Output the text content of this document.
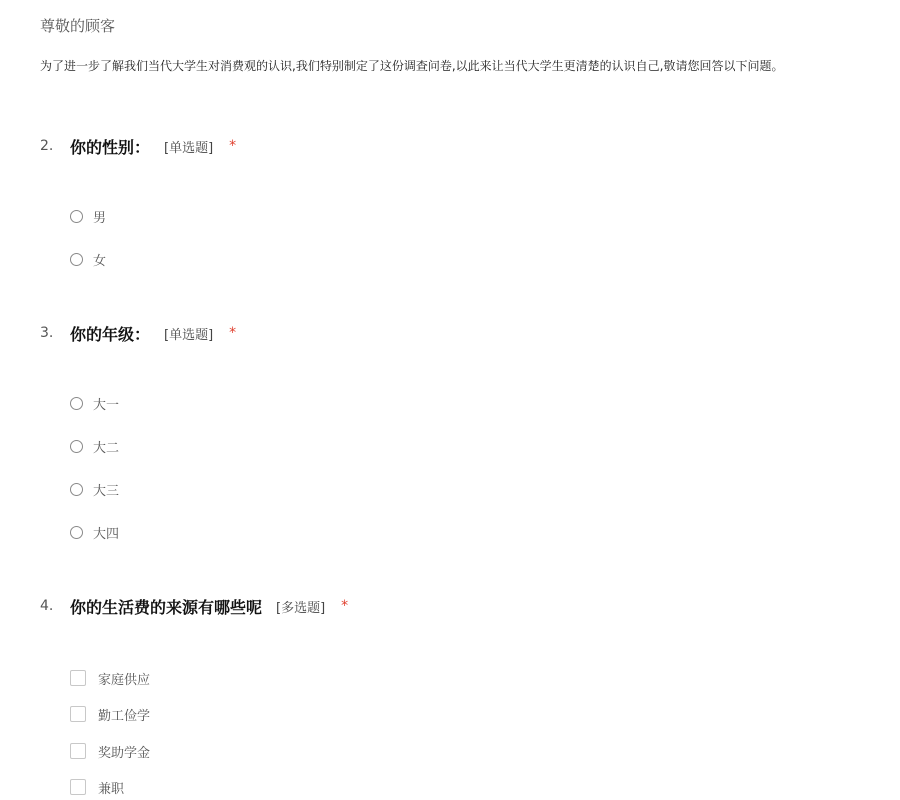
尊敬的顾客
为了进一步了解我们当代大学生对消费观的认识,我们特别制定了这份调查问卷,以此来让当代大学生更清楚的认识自己,敬请您回答以下问题。
2.	你的性别： [单选题] *
男
女
3.	你的年级： [单选题] *
大一
大二
大三
大四
4.	你的生活费的来源有哪些呢 [多选题] *
家庭供应
勤工俭学
奖助学金
兼职
